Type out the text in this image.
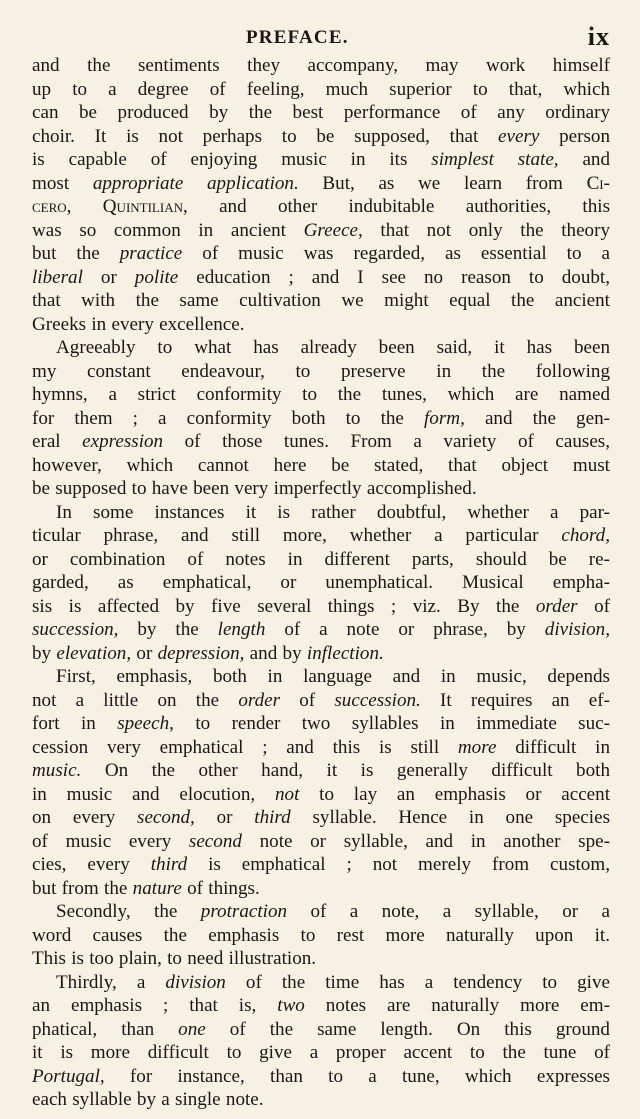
PREFACE.	ix
and the sentiments they accompany, may work himself
up to a degree of feeling, much superior to that, which
can be produced by the best performance of any ordinary
choir. It is not perhaps to be supposed, that every person
is capable of enjoying music in its simplest state, and
most appropriate application. But, as we learn from Ci-
cero, Quintilian, and other indubitable authorities, this
was so common in ancient Greece, that not only the theory
but the practice of music was regarded, as essential to a
liberal or polite education ; and I see no reason to doubt,
that with the same cultivation we might equal the ancient
Greeks in every excellence.
Agreeably to what has already been said, it has been
my constant endeavour, to preserve in the following
hymns, a strict conformity to the tunes, which are named
for them ; a conformity both to the form, and the gen-
eral expression of those tunes. From a variety of causes,
however, which cannot here be stated, that object must
be supposed to have been very imperfectly accomplished.
In some instances it is rather doubtful, whether a par-
ticular phrase, and still more, whether a particular chord,
or combination of notes in different parts, should be re-
garded, as emphatical, or unemphatical. Musical empha-
sis is affected by five several things ; viz. By the order of
succession, by the length of a note or phrase, by division,
by elevation, or depression, and by inflection.
First, emphasis, both in language and in music, depends
not a little on the order of succession. It requires an ef-
fort in speech, to render two syllables in immediate suc-
cession very emphatical ; and this is still more difficult in
music. On the other hand, it is generally difficult both
in music and elocution, not to lay an emphasis or accent
on every second, or third syllable. Hence in one species
of music every second note or syllable, and in another spe-
cies, every third is emphatical ; not merely from custom,
but from the nature of things.
Secondly, the protraction of a note, a syllable, or a
word causes the emphasis to rest more naturally upon it.
This is too plain, to need illustration.
Thirdly, a division of the time has a tendency to give
an emphasis ; that is, two notes are naturally more em-
phatical, than one of the same length. On this ground
it is more difficult to give a proper accent to the tune of
Portugal, for instance, than to a tune, which expresses
each syllable by a single note.
